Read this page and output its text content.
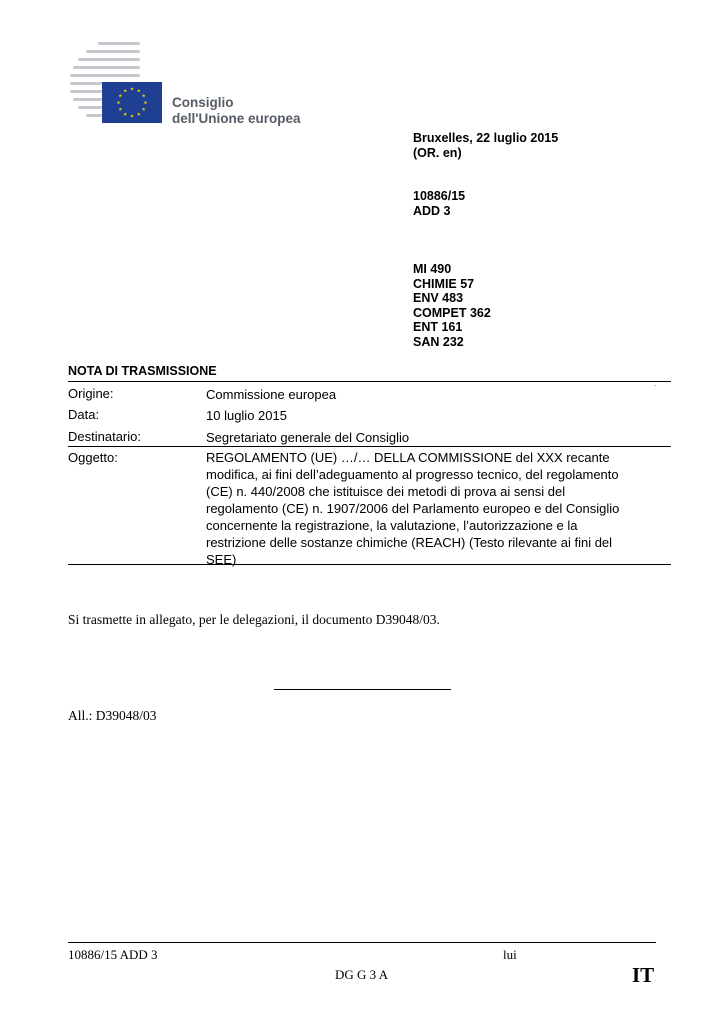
Consiglio
dell'Unione europea
Bruxelles, 22 luglio 2015
(OR. en)
10886/15
ADD 3
MI 490
CHIMIE 57
ENV 483
COMPET 362
ENT 161
SAN 232
NOTA DI TRASMISSIONE
.
Origine:	Commissione europea
Data:	10 luglio 2015
Destinatario:	Segretariato generale del Consiglio
Oggetto:	REGOLAMENTO (UE) …/… DELLA COMMISSIONE del XXX recante
modifica, ai fini dell’adeguamento al progresso tecnico, del regolamento
(CE) n. 440/2008 che istituisce dei metodi di prova ai sensi del
regolamento (CE) n. 1907/2006 del Parlamento europeo e del Consiglio
concernente la registrazione, la valutazione, l’autorizzazione e la
restrizione delle sostanze chimiche (REACH) (Testo rilevante ai fini del
SEE)
Si trasmette in allegato, per le delegazioni, il documento D39048/03.
All.: D39048/03
10886/15 ADD 3	lui
DG G 3 A	IT
